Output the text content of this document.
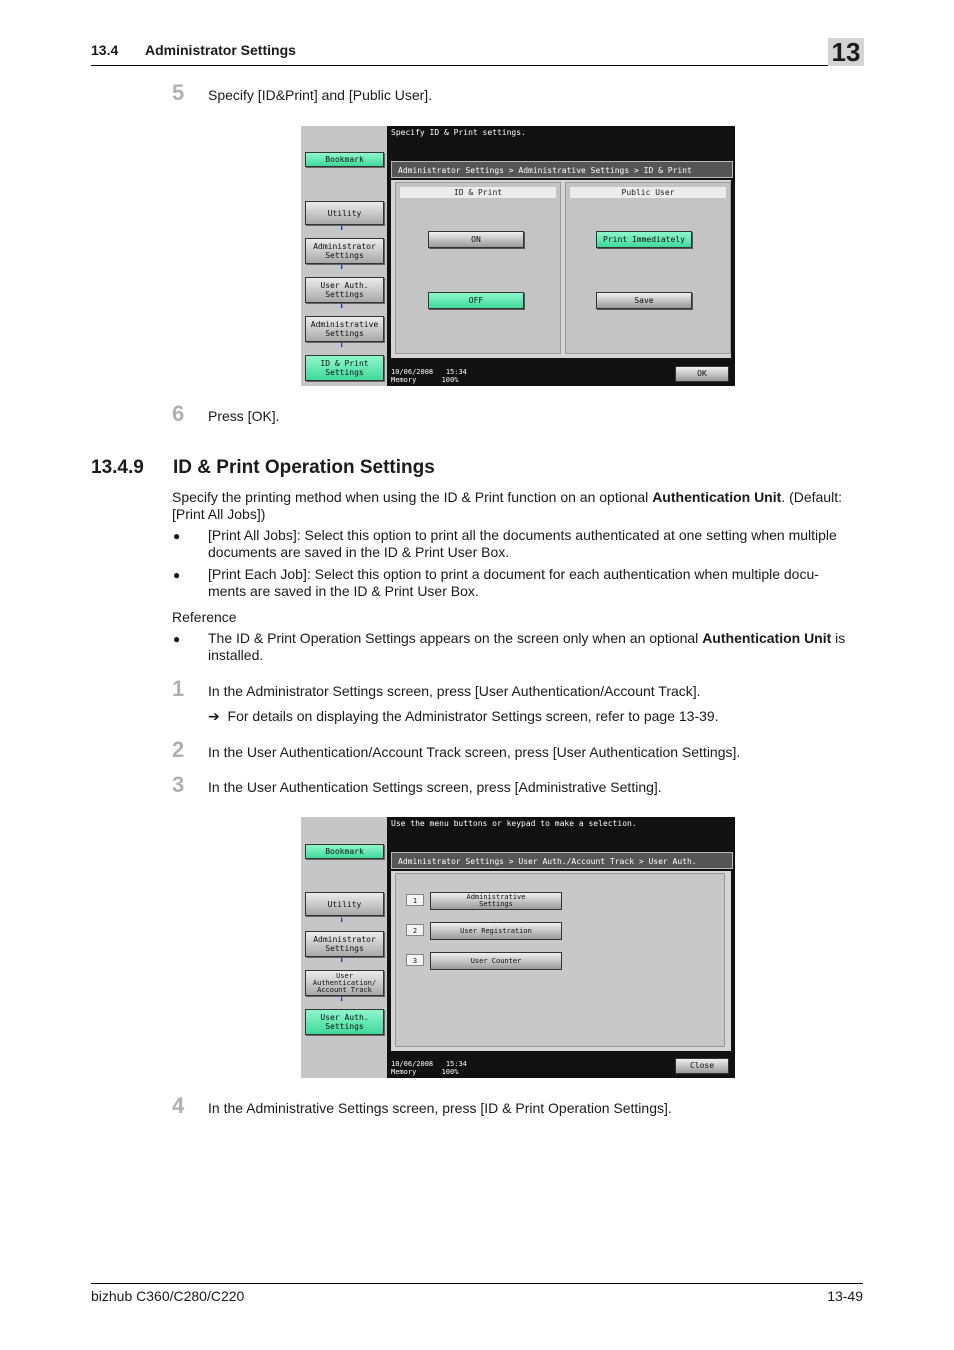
13.4 Administrator Settings	13
5 Specify [ID&Print] and [Public User].
Bookmark
Utility
⬇
Administrator
Settings
⬇
User Auth.
Settings
⬇
Administrative
Settings
⬇
ID & Print
Settings
Specify ID & Print settings.
Administrator Settings > Administrative Settings > ID & Print
ID & Print
ON
OFF
Public User
Print Immediately
Save
10/06/2008 15:34
Memory	100%
OK
6 Press [OK].
13.4.9 ID & Print Operation Settings
Specify the printing method when using the ID & Print function on an optional Authentication Unit. (Default:
[Print All Jobs])
● [Print All Jobs]: Select this option to print all the documents authenticated at one setting when multiple
documents are saved in the ID & Print User Box.
● [Print Each Job]: Select this option to print a document for each authentication when multiple docu-
ments are saved in the ID & Print User Box.
Reference
● The ID & Print Operation Settings appears on the screen only when an optional Authentication Unit is
installed.
1 In the Administrator Settings screen, press [User Authentication/Account Track].
➔ For details on displaying the Administrator Settings screen, refer to page 13-39.
2 In the User Authentication/Account Track screen, press [User Authentication Settings].
3 In the User Authentication Settings screen, press [Administrative Setting].
Bookmark
Utility
⬇
Administrator
Settings
⬇
User
Authentication/
Account Track
⬇
User Auth.
Settings
Use the menu buttons or keypad to make a selection.
Administrator Settings > User Auth./Account Track > User Auth.
1	Administrative
Settings
2	User Registration
3	User Counter
10/06/2008 15:34
Memory	100%
Close
4 In the Administrative Settings screen, press [ID & Print Operation Settings].
bizhub C360/C280/C220	13-49
